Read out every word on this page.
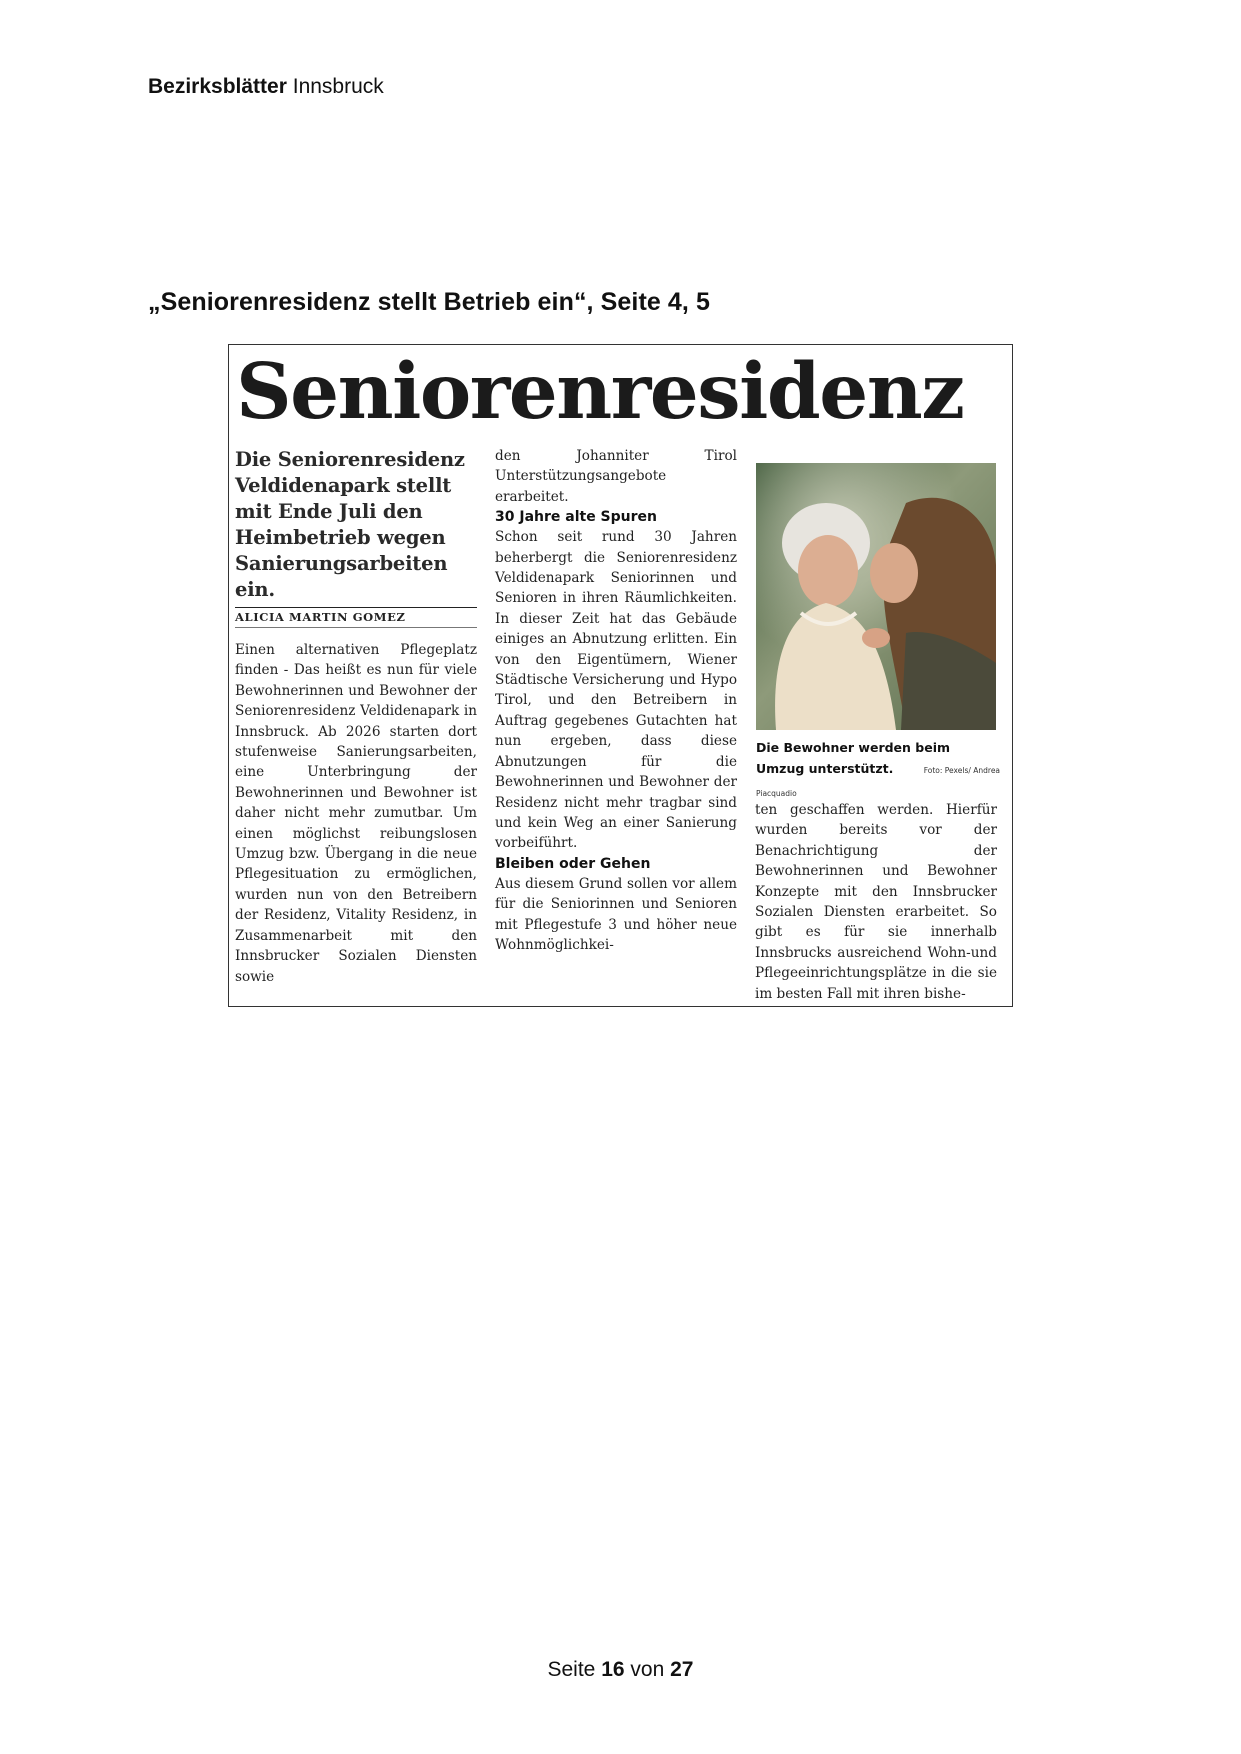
Bezirksblätter Innsbruck
„Seniorenresidenz stellt Betrieb ein“, Seite 4, 5
Seniorenresidenz

Die Seniorenresidenz Veldidenapark stellt mit Ende Juli den Heimbetrieb wegen Sanierungsarbeiten ein.

ALICIA MARTIN GOMEZ

Einen alternativen Pflegeplatz finden - Das heißt es nun für viele Bewohnerinnen und Bewohner der Seniorenresidenz Veldidenapark in Innsbruck. Ab 2026 starten dort stufenweise Sanierungsarbeiten, eine Unterbringung der Bewohnerinnen und Bewohner ist daher nicht mehr zumutbar. Um einen möglichst reibungslosen Umzug bzw. Übergang in die neue Pflegesituation zu ermöglichen, wurden nun von den Betreibern der Residenz, Vitality Residenz, in Zusammenarbeit mit den Innsbrucker Sozialen Diensten sowie

den Johanniter Tirol Unterstützungsangebote erarbeitet.

30 Jahre alte Spuren

Schon seit rund 30 Jahren beherbergt die Seniorenresidenz Veldidenapark Seniorinnen und Senioren in ihren Räumlichkeiten. In dieser Zeit hat das Gebäude einiges an Abnutzung erlitten. Ein von den Eigentümern, Wiener Städtische Versicherung und Hypo Tirol, und den Betreibern in Auftrag gegebenes Gutachten hat nun ergeben, dass diese Abnutzungen für die Bewohnerinnen und Bewohner der Residenz nicht mehr tragbar sind und kein Weg an einer Sanierung vorbeiführt.

Bleiben oder Gehen

Aus diesem Grund sollen vor allem für die Seniorinnen und Senioren mit Pflegestufe 3 und höher neue Wohnmöglichkei-

Die Bewohner werden beim Umzug unterstützt.	Foto: Pexels/ Andrea Piacquadio

ten geschaffen werden. Hierfür wurden bereits vor der Benachrichtigung der Bewohnerinnen und Bewohner Konzepte mit den Innsbrucker Sozialen Diensten erarbeitet. So gibt es für sie innerhalb Innsbrucks ausreichend Wohn-und Pflegeeinrichtungsplätze in die sie im besten Fall mit ihren bishe-

Seite 16 von 27
